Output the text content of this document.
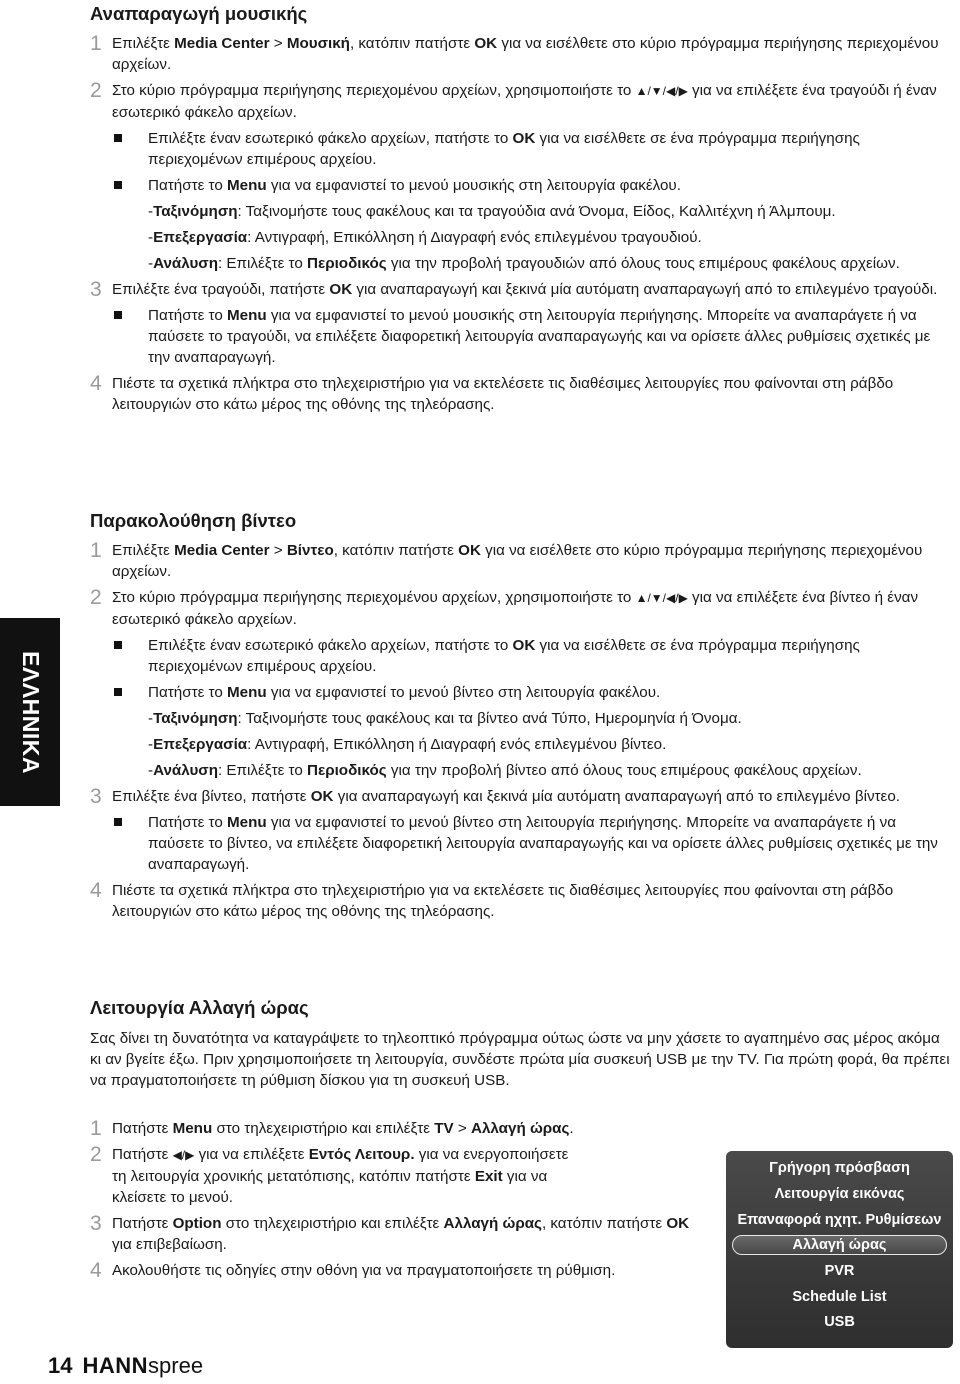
ΕΛΛΗΝΙΚΑ
Αναπαραγωγή μουσικής

1 Επιλέξτε Media Center > Μουσική, κατόπιν πατήστε OK για να εισέλθετε στο κύριο πρόγραμμα περιήγησης περιεχομένου αρχείων.

2 Στο κύριο πρόγραμμα περιήγησης περιεχομένου αρχείων, χρησιμοποιήστε το ▲/▼/◀/▶ για να επιλέξετε ένα τραγούδι ή έναν εσωτερικό φάκελο αρχείων.

Επιλέξτε έναν εσωτερικό φάκελο αρχείων, πατήστε το OK για να εισέλθετε σε ένα πρόγραμμα περιήγησης περιεχομένων επιμέρους αρχείου.

Πατήστε το Menu για να εμφανιστεί το μενού μουσικής στη λειτουργία φακέλου.

-Ταξινόμηση: Ταξινομήστε τους φακέλους και τα τραγούδια ανά Όνομα, Είδος, Καλλιτέχνη ή Άλμπουμ.

-Επεξεργασία: Αντιγραφή, Επικόλληση ή Διαγραφή ενός επιλεγμένου τραγουδιού.

-Ανάλυση: Επιλέξτε το Περιοδικός για την προβολή τραγουδιών από όλους τους επιμέρους φακέλους αρχείων.

3 Επιλέξτε ένα τραγούδι, πατήστε OK για αναπαραγωγή και ξεκινά μία αυτόματη αναπαραγωγή από το επιλεγμένο τραγούδι.

Πατήστε το Menu για να εμφανιστεί το μενού μουσικής στη λειτουργία περιήγησης. Μπορείτε να αναπαράγετε ή να παύσετε το τραγούδι, να επιλέξετε διαφορετική λειτουργία αναπαραγωγής και να ορίσετε άλλες ρυθμίσεις σχετικές με την αναπαραγωγή.

4 Πιέστε τα σχετικά πλήκτρα στο τηλεχειριστήριο για να εκτελέσετε τις διαθέσιμες λειτουργίες που φαίνονται στη ράβδο λειτουργιών στο κάτω μέρος της οθόνης της τηλεόρασης.

Παρακολούθηση βίντεο

1 Επιλέξτε Media Center > Βίντεο, κατόπιν πατήστε OK για να εισέλθετε στο κύριο πρόγραμμα περιήγησης περιεχομένου αρχείων.

2 Στο κύριο πρόγραμμα περιήγησης περιεχομένου αρχείων, χρησιμοποιήστε το ▲/▼/◀/▶ για να επιλέξετε ένα βίντεο ή έναν εσωτερικό φάκελο αρχείων.

Επιλέξτε έναν εσωτερικό φάκελο αρχείων, πατήστε το OK για να εισέλθετε σε ένα πρόγραμμα περιήγησης περιεχομένων επιμέρους αρχείου.

Πατήστε το Menu για να εμφανιστεί το μενού βίντεο στη λειτουργία φακέλου.

-Ταξινόμηση: Ταξινομήστε τους φακέλους και τα βίντεο ανά Τύπο, Ημερομηνία ή Όνομα.

-Επεξεργασία: Αντιγραφή, Επικόλληση ή Διαγραφή ενός επιλεγμένου βίντεο.

-Ανάλυση: Επιλέξτε το Περιοδικός για την προβολή βίντεο από όλους τους επιμέρους φακέλους αρχείων.

3 Επιλέξτε ένα βίντεο, πατήστε OK για αναπαραγωγή και ξεκινά μία αυτόματη αναπαραγωγή από το επιλεγμένο βίντεο.

Πατήστε το Menu για να εμφανιστεί το μενού βίντεο στη λειτουργία περιήγησης. Μπορείτε να αναπαράγετε ή να παύσετε το βίντεο, να επιλέξετε διαφορετική λειτουργία αναπαραγωγής και να ορίσετε άλλες ρυθμίσεις σχετικές με την αναπαραγωγή.

4 Πιέστε τα σχετικά πλήκτρα στο τηλεχειριστήριο για να εκτελέσετε τις διαθέσιμες λειτουργίες που φαίνονται στη ράβδο λειτουργιών στο κάτω μέρος της οθόνης της τηλεόρασης.

Λειτουργία Αλλαγή ώρας

Σας δίνει τη δυνατότητα να καταγράψετε το τηλεοπτικό πρόγραμμα ούτως ώστε να μην χάσετε το αγαπημένο σας μέρος ακόμα κι αν βγείτε έξω. Πριν χρησιμοποιήσετε τη λειτουργία, συνδέστε πρώτα μία συσκευή USB με την TV. Για πρώτη φορά, θα πρέπει να πραγματοποιήσετε τη ρύθμιση δίσκου για τη συσκευή USB.

1 Πατήστε Menu στο τηλεχειριστήριο και επιλέξτε TV > Αλλαγή ώρας.

2 Πατήστε ◀/▶ για να επιλέξετε Εντός Λειτουρ. για να ενεργοποιήσετε τη λειτουργία χρονικής μετατόπισης, κατόπιν πατήστε Exit για να κλείσετε το μενού.

3 Πατήστε Option στο τηλεχειριστήριο και επιλέξτε Αλλαγή ώρας, κατόπιν πατήστε OK για επιβεβαίωση.

4 Ακολουθήστε τις οδηγίες στην οθόνη για να πραγματοποιήσετε τη ρύθμιση.

Γρήγορη πρόσβαση
Λειτουργία εικόνας
Επαναφορά ηχητ. Ρυθμίσεων
Αλλαγή ώρας
PVR
Schedule List
USB
14 HANN spree
